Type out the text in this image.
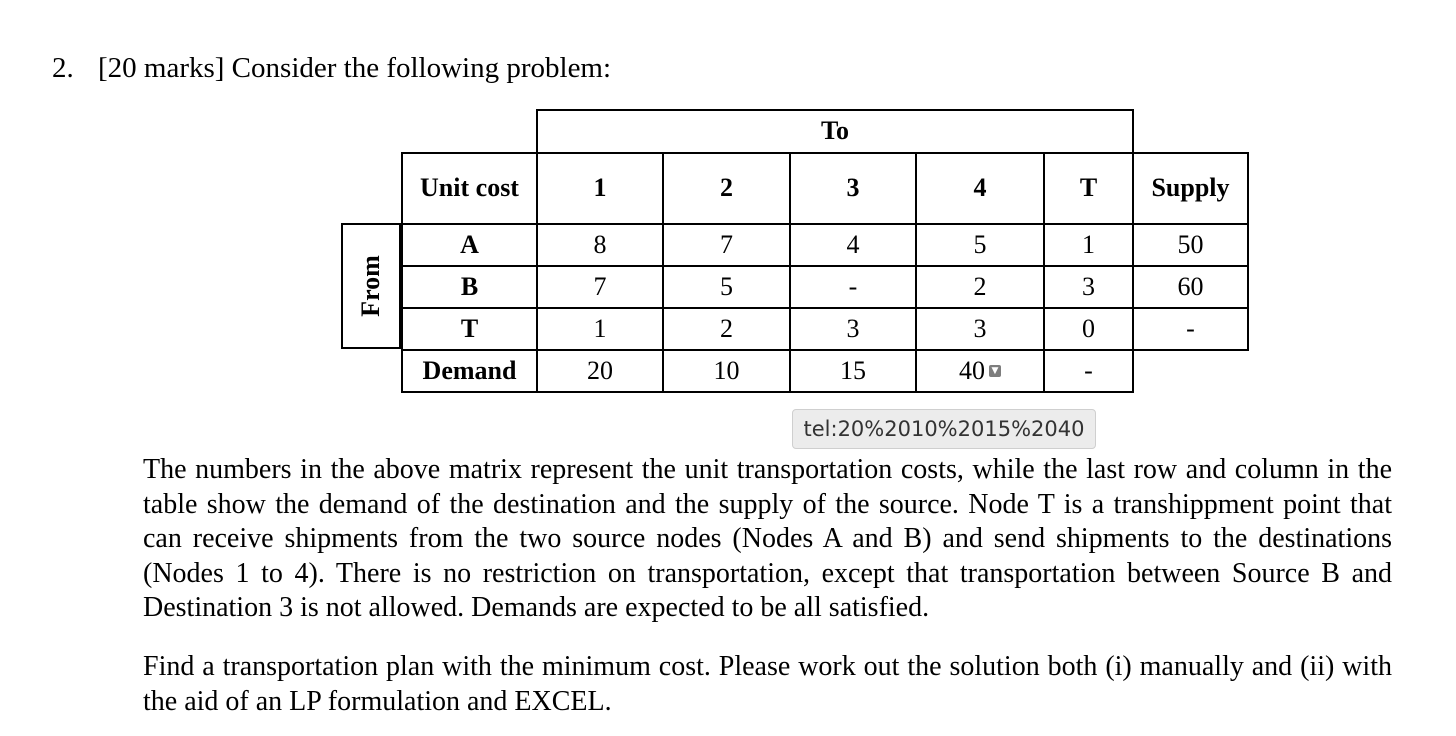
2. [20 marks] Consider the following problem:
To
Unit cost	1	2	3	4	T	Supply
From
A	8	7	4	5	1	50
B	7	5	-	2	3	60
T	1	2	3	3	0	-
Demand	20	10	15	40 ▼	-
tel:20%2010%2015%2040

The numbers in the above matrix represent the unit transportation costs, while the last row and column in the table show the demand of the destination and the supply of the source. Node T is a transhippment point that can receive shipments from the two source nodes (Nodes A and B) and send shipments to the destinations (Nodes 1 to 4). There is no restriction on transportation, except that transportation between Source B and Destination 3 is not allowed. Demands are expected to be all satisfied.

Find a transportation plan with the minimum cost. Please work out the solution both (i) manually and (ii) with the aid of an LP formulation and EXCEL.
